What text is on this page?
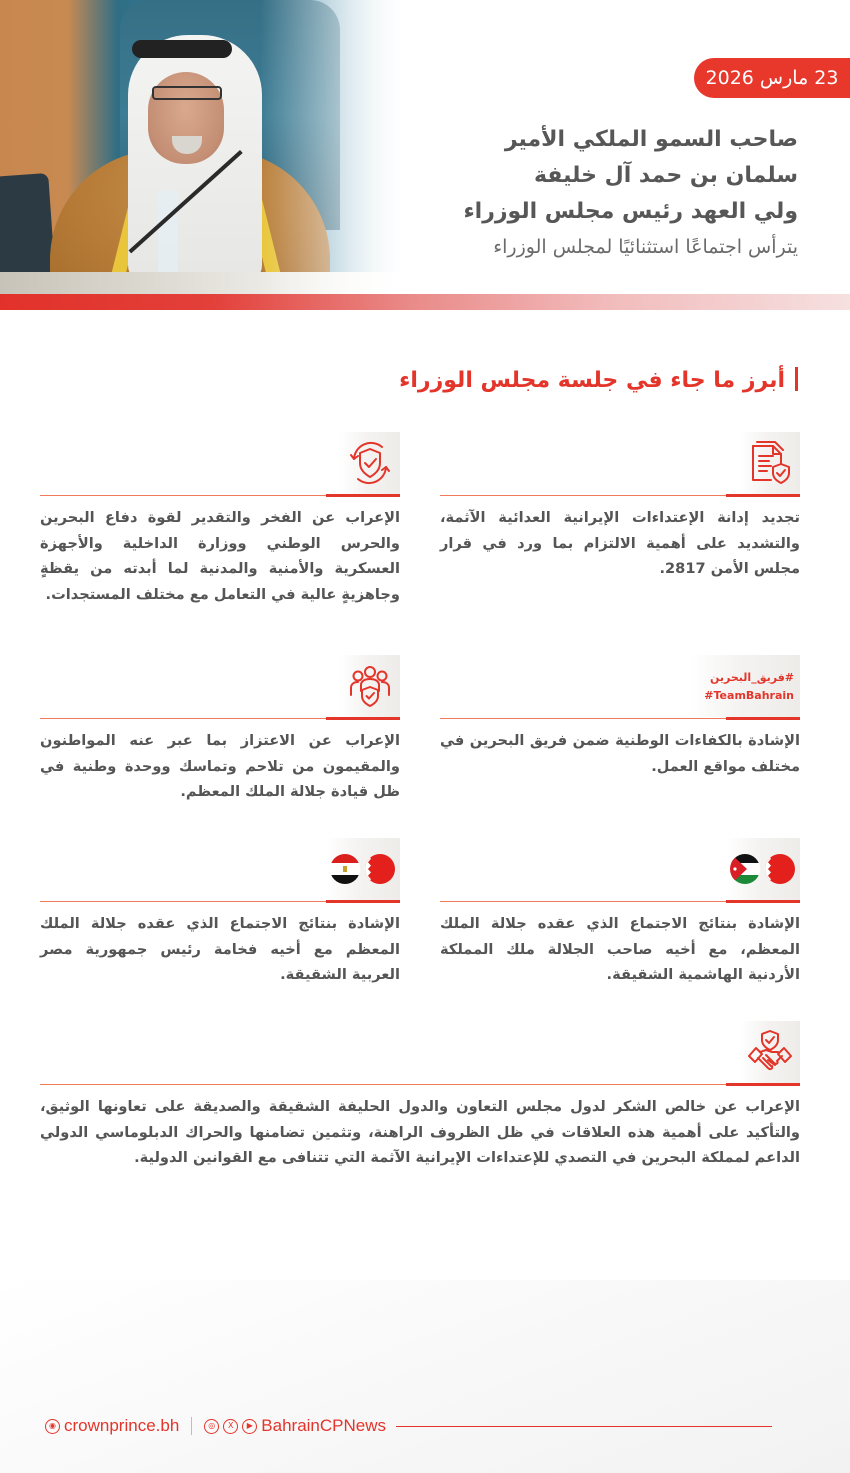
23 مارس 2026
صاحب السمو الملكي الأمير
سلمان بن حمد آل خليفة
ولي العهد رئيس مجلس الوزراء
يترأس اجتماعًا استثنائيًا لمجلس الوزراء
أبرز ما جاء في جلسة مجلس الوزراء
تجديد إدانة الإعتداءات الإيرانية العدائية الآثمة، والتشديد على أهمية الالتزام بما ورد في قرار مجلس الأمن 2817.
الإعراب عن الفخر والتقدير لقوة دفاع البحرين والحرس الوطني ووزارة الداخلية والأجهزة العسكرية والأمنية والمدنية لما أبدته من يقظةٍ وجاهزيةٍ عالية في التعامل مع مختلف المستجدات.
#فريق_البحرين
#TeamBahrain
الإشادة بالكفاءات الوطنية ضمن فريق البحرين في مختلف مواقع العمل.
الإعراب عن الاعتزاز بما عبر عنه المواطنون والمقيمون من تلاحم وتماسك ووحدة وطنية في ظل قيادة جلالة الملك المعظم.
الإشادة بنتائج الاجتماع الذي عقده جلالة الملك المعظم، مع أخيه صاحب الجلالة ملك المملكة الأردنية الهاشمية الشقيقة.
الإشادة بنتائج الاجتماع الذي عقده جلالة الملك المعظم مع أخيه فخامة رئيس جمهورية مصر العربية الشقيقة.
الإعراب عن خالص الشكر لدول مجلس التعاون والدول الحليفة الشقيقة والصديقة على تعاونها الوثيق، والتأكيد على أهمية هذه العلاقات في ظل الظروف الراهنة، وتثمين تضامنها والحراك الدبلوماسي الدولي الداعم لمملكة البحرين في التصدي للإعتداءات الإيرانية الآثمة التي تتنافى مع القوانين الدولية.
◉ crownprince.bh	◎	X	▶ BahrainCPNews
